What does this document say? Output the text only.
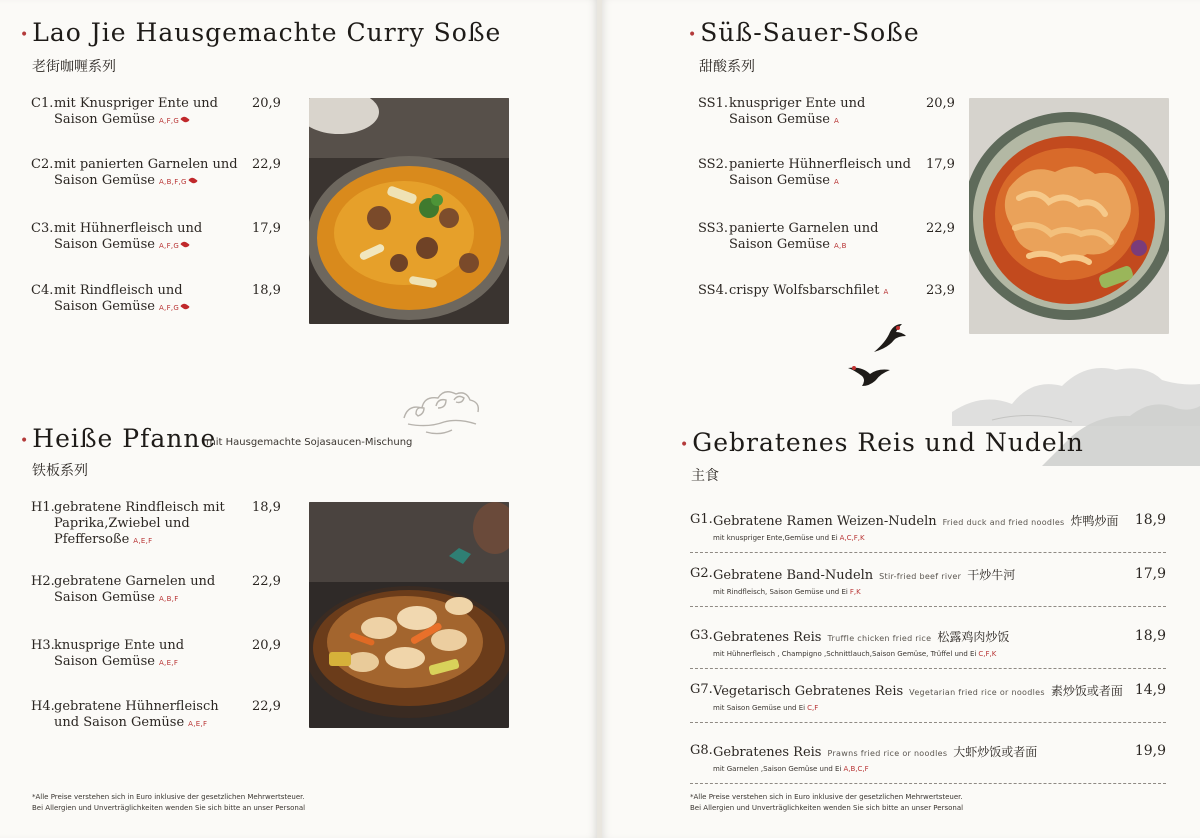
• Lao Jie Hausgemachte Curry Soße
老街咖喱系列
C1. mit Knuspriger Ente und
Saison Gemüse A,F,G
20,9
C2. mit panierten Garnelen und
Saison Gemüse A,B,F,G
22,9
C3. mit Hühnerfleisch und
Saison Gemüse A,F,G
17,9
C4. mit Rindfleisch und
Saison Gemüse A,F,G
18,9
• Heiße Pfanne
mit Hausgemachte Sojasaucen-Mischung
铁板系列
H1. gebratene Rindfleisch mit
Paprika,Zwiebel und
Pfeffersoße A,E,F
18,9
H2. gebratene Garnelen und
Saison Gemüse A,B,F
22,9
H3. knusprige Ente und
Saison Gemüse A,E,F
20,9
H4. gebratene Hühnerfleisch
und Saison Gemüse A,E,F
22,9
*Alle Preise verstehen sich in Euro inklusive der gesetzlichen Mehrwertsteuer.
Bei Allergien und Unverträglichkeiten wenden Sie sich bitte an unser Personal
• Süß-Sauer-Soße
甜酸系列
SS1. knuspriger Ente und
Saison Gemüse A
20,9
SS2. panierte Hühnerfleisch und
Saison Gemüse A
17,9
SS3. panierte Garnelen und
Saison Gemüse A,B
22,9
SS4. crispy Wolfsbarschfilet A	23,9
• Gebratenes Reis und Nudeln
主食
G1. Gebratene Ramen Weizen-Nudeln Fried duck and fried noodles 炸鸭炒面 18,9
mit knuspriger Ente,Gemüse und Ei A,C,F,K
G2. Gebratene Band-Nudeln Stir-fried beef river 干炒牛河	17,9
mit Rindfleisch, Saison Gemüse und Ei F,K
G3. Gebratenes Reis Truffle chicken fried rice 松露鸡肉炒饭	18,9
mit Hühnerfleisch , Champigno ,Schnittlauch,Saison Gemüse, Trüffel und Ei C,F,K
G7. Vegetarisch Gebratenes Reis Vegetarian fried rice or noodles 素炒饭或者面 14,9
mit Saison Gemüse und Ei C,F
G8. Gebratenes Reis Prawns fried rice or noodles 大虾炒饭或者面	19,9
mit Garnelen ,Saison Gemüse und Ei A,B,C,F
*Alle Preise verstehen sich in Euro inklusive der gesetzlichen Mehrwertsteuer.
Bei Allergien und Unverträglichkeiten wenden Sie sich bitte an unser Personal
